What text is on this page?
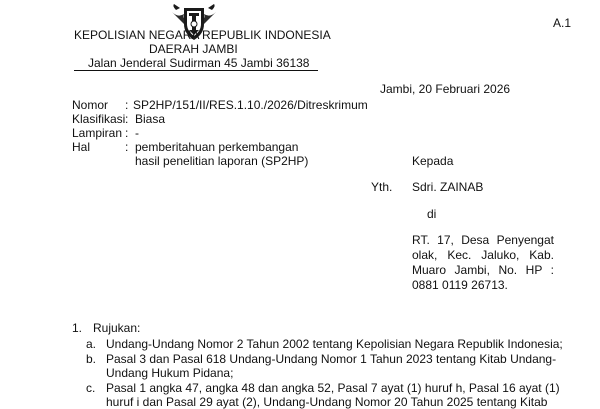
A.1
KEPOLISIAN NEGARA REPUBLIK INDONESIA
DAERAH JAMBI
Jalan Jenderal Sudirman 45 Jambi 36138
Jambi, 20 Februari 2026
Nomor : SP2HP/151/II/RES.1.10./2026/Ditreskrimum
Klasifikasi : Biasa
Lampiran : -
Hal	: pemberitahuan perkembangan
hasil penelitian laporan (SP2HP)	Kepada
Yth. Sdri. ZAINAB
di
RT. 17, Desa Penyengat
olak, Kec. Jaluko, Kab.
Muaro Jambi, No. HP :
0881 0119 26713.
1. Rujukan:
a. Undang-Undang Nomor 2 Tahun 2002 tentang Kepolisian Negara Republik Indonesia;
b. Pasal 3 dan Pasal 618 Undang-Undang Nomor 1 Tahun 2023 tentang Kitab Undang-
Undang Hukum Pidana;
c. Pasal 1 angka 47, angka 48 dan angka 52, Pasal 7 ayat (1) huruf h, Pasal 16 ayat (1)
huruf i dan Pasal 29 ayat (2), Undang-Undang Nomor 20 Tahun 2025 tentang Kitab
